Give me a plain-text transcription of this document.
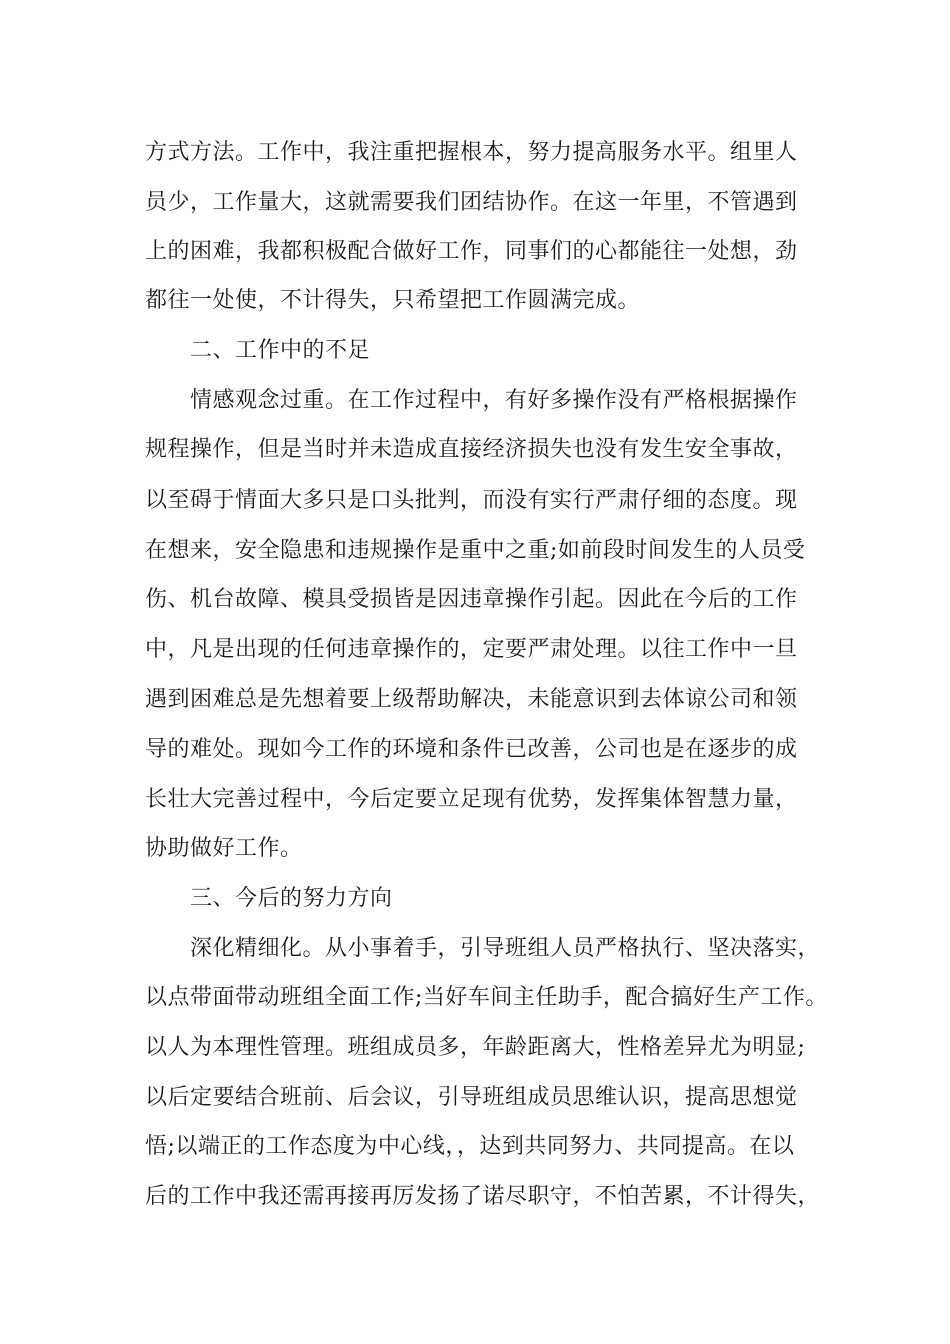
方式方法。工作中，我注重把握根本，努力提高服务水平。组里人
员少，工作量大，这就需要我们团结协作。在这一年里，不管遇到
上的困难，我都积极配合做好工作，同事们的心都能往一处想，劲
都往一处使，不计得失，只希望把工作圆满完成。
二、工作中的不足
情感观念过重。在工作过程中，有好多操作没有严格根据操作
规程操作，但是当时并未造成直接经济损失也没有发生安全事故，
以至碍于情面大多只是口头批判，而没有实行严肃仔细的态度。现
在想来，安全隐患和违规操作是重中之重;如前段时间发生的人员受
伤、机台故障、模具受损皆是因违章操作引起。因此在今后的工作
中，凡是出现的任何违章操作的，定要严肃处理。以往工作中一旦
遇到困难总是先想着要上级帮助解决，未能意识到去体谅公司和领
导的难处。现如今工作的环境和条件已改善，公司也是在逐步的成
长壮大完善过程中，今后定要立足现有优势，发挥集体智慧力量，
协助做好工作。
三、今后的努力方向
深化精细化。从小事着手，引导班组人员严格执行、坚决落实，
以点带面带动班组全面工作;当好车间主任助手，配合搞好生产工作。
以人为本理性管理。班组成员多，年龄距离大，性格差异尤为明显;
以后定要结合班前、后会议，引导班组成员思维认识，提高思想觉
悟;以端正的工作态度为中心线，，达到共同努力、共同提高。在以
后的工作中我还需再接再厉发扬了诺尽职守，不怕苦累，不计得失，
